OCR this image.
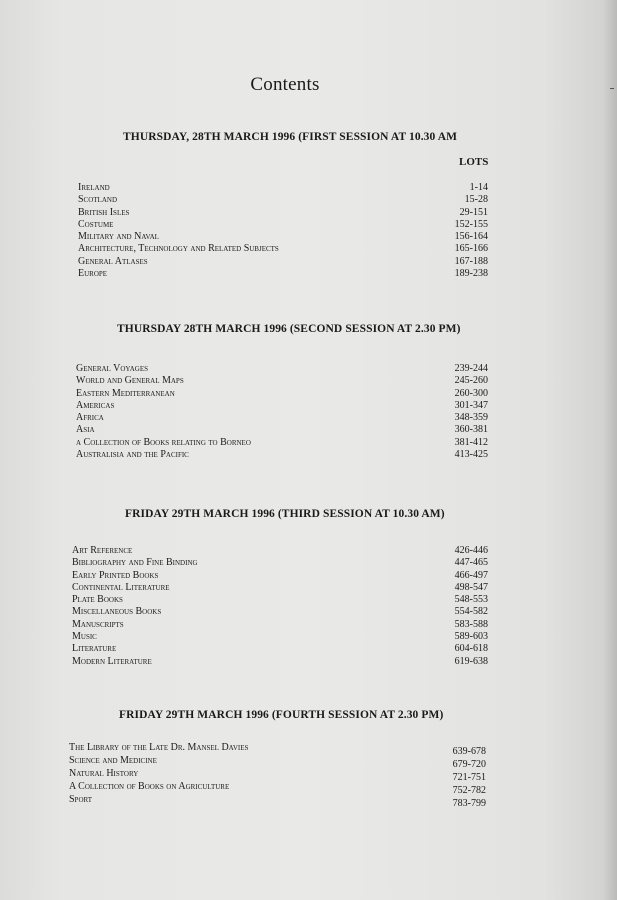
Contents
THURSDAY, 28TH MARCH 1996 (FIRST SESSION AT 10.30 AM
LOTS
Ireland	1-14
Scotland	15-28
British Isles	29-151
Costume	152-155
Military and Naval	156-164
Architecture, Technology and Related Subjects	165-166
General Atlases	167-188
Europe	189-238
THURSDAY 28TH MARCH 1996 (SECOND SESSION AT 2.30 PM)
General Voyages	239-244
World and General Maps	245-260
Eastern Mediterranean	260-300
Americas	301-347
Africa	348-359
Asia	360-381
a Collection of Books relating to Borneo	381-412
Australisia and the Pacific	413-425
FRIDAY 29TH MARCH 1996 (THIRD SESSION AT 10.30 AM)
Art Reference	426-446
Bibliography and Fine Binding	447-465
Early Printed Books	466-497
Continental Literature	498-547
Plate Books	548-553
Miscellaneous Books	554-582
Manuscripts	583-588
Music	589-603
Literature	604-618
Modern Literature	619-638
FRIDAY 29TH MARCH 1996 (FOURTH SESSION AT 2.30 PM)
The Library of the Late Dr. Mansel Davies	639-678
Science and Medicine	679-720
Natural History	721-751
A Collection of Books on Agriculture	752-782
Sport	783-799
